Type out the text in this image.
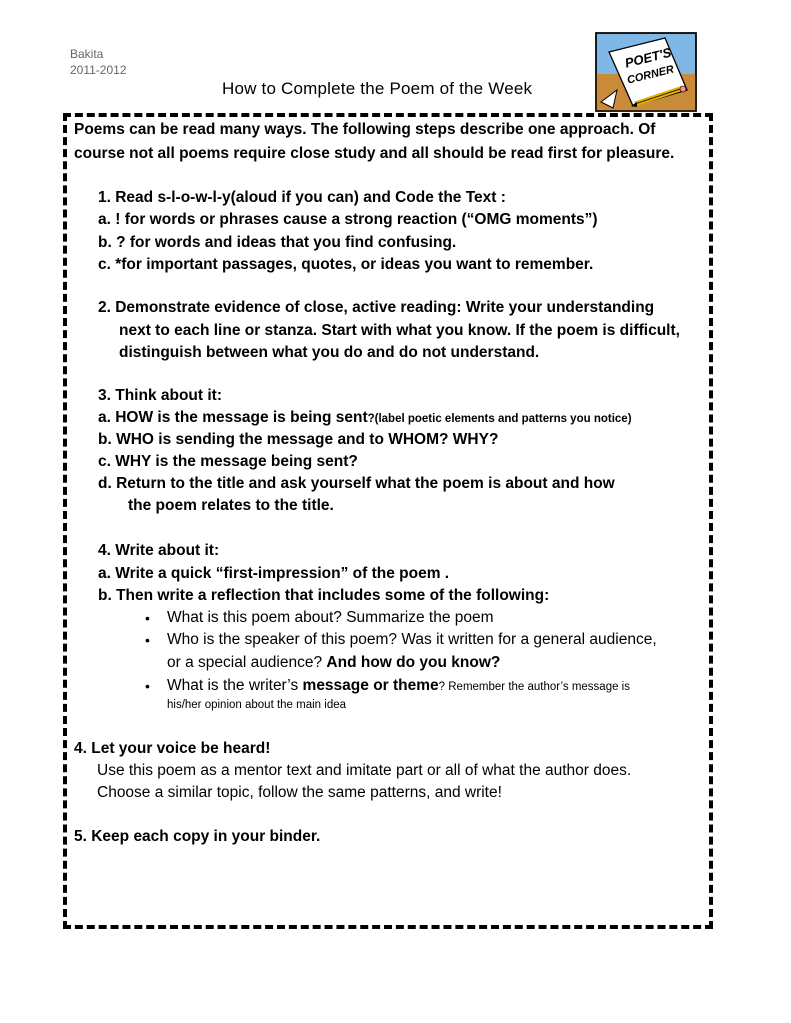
Bakita
2011-2012
How to Complete the Poem of the Week
POET'S
CORNER
Poems can be read many ways. The following steps describe one approach. Of
course not all poems require close study and all should be read first for pleasure.
1. Read s-l-o-w-l-y(aloud if you can) and Code the Text :
a. ! for words or phrases cause a strong reaction (“OMG moments”)
b. ? for words and ideas that you find confusing.
c. *for important passages, quotes, or ideas you want to remember.
2. Demonstrate evidence of close, active reading: Write your understanding
next to each line or stanza. Start with what you know. If the poem is difficult,
distinguish between what you do and do not understand.
3. Think about it:
a. HOW is the message is being sent?(label poetic elements and patterns you notice)
b. WHO is sending the message and to WHOM? WHY?
c. WHY is the message being sent?
d. Return to the title and ask yourself what the poem is about and how
the poem relates to the title.
4. Write about it:
a. Write a quick “first-impression” of the poem .
b. Then write a reflection that includes some of the following:
• What is this poem about? Summarize the poem
• Who is the speaker of this poem? Was it written for a general audience,
or a special audience? And how do you know?
• What is the writer’s message or theme? Remember the author’s message is
his/her opinion about the main idea
4. Let your voice be heard!
Use this poem as a mentor text and imitate part or all of what the author does.
Choose a similar topic, follow the same patterns, and write!
5. Keep each copy in your binder.
